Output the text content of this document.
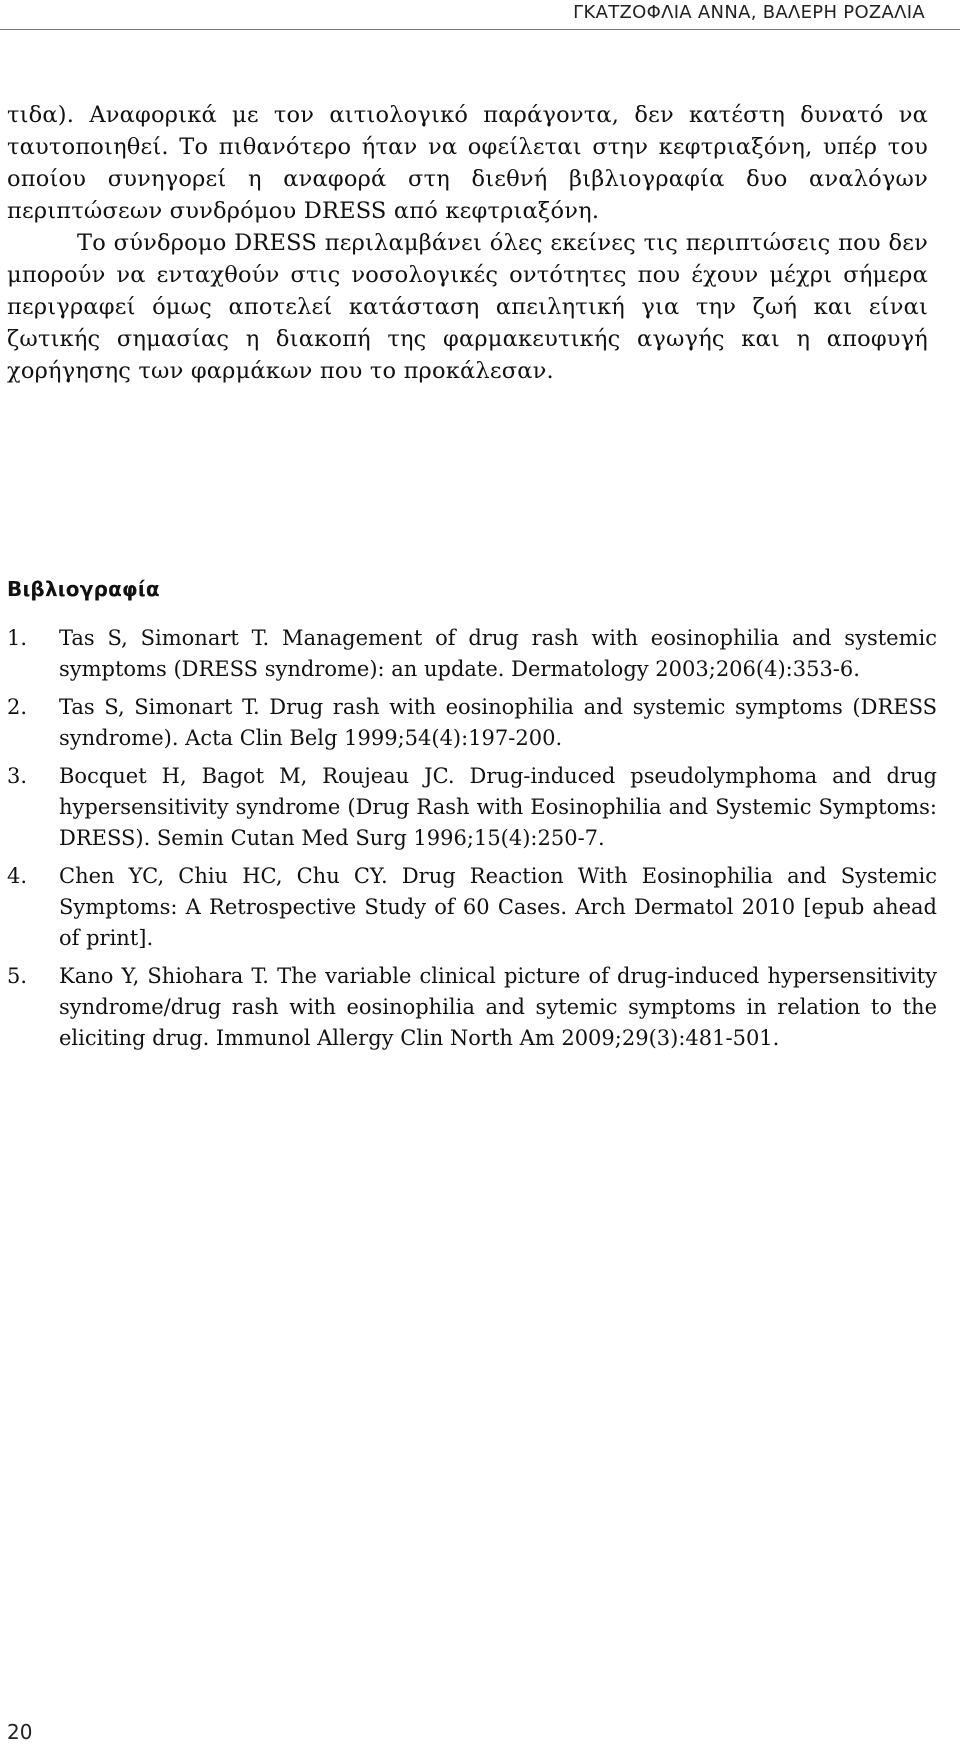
ΓΚΑΤΖΟΦΛΙΑ ΑΝΝΑ, ΒΑΛΕΡΗ ΡΟΖΑΛΙΑ

τιδα). Αναφορικά με τον αιτιολογικό παράγοντα, δεν κατέστη δυνατό να ταυτοποιηθεί. Το πιθανότερο ήταν να οφείλεται στην κεφτριαξόνη, υπέρ του οποίου συνηγορεί η αναφορά στη διεθνή βιβλιογραφία δυο αναλόγων περιπτώσεων συνδρόμου DRESS από κεφτριαξόνη.

Το σύνδρομο DRESS περιλαμβάνει όλες εκείνες τις περιπτώσεις που δεν μπορούν να ενταχθούν στις νοσολογικές οντότητες που έχουν μέχρι σήμερα περιγραφεί όμως αποτελεί κατάσταση απειλητική για την ζωή και είναι ζωτικής σημασίας η διακοπή της φαρμακευτικής αγωγής και η αποφυγή χορήγησης των φαρμάκων που το προκάλεσαν.

Βιβλιογραφία
1.	Tas S, Simonart T. Management of drug rash with eosinophilia and systemic symptoms (DRESS syndrome): an update. Dermatology 2003;206(4):353-6.
2.	Tas S, Simonart T. Drug rash with eosinophilia and systemic symptoms (DRESS syndrome). Acta Clin Belg 1999;54(4):197-200.
3.	Bocquet H, Bagot M, Roujeau JC. Drug-induced pseudolymphoma and drug hypersensitivity syndrome (Drug Rash with Eosinophilia and Systemic Symptoms: DRESS). Semin Cutan Med Surg 1996;15(4):250-7.
4.	Chen YC, Chiu HC, Chu CY. Drug Reaction With Eosinophilia and Systemic Symptoms: A Retrospective Study of 60 Cases. Arch Dermatol 2010 [epub ahead of print].
5.	Kano Y, Shiohara T. The variable clinical picture of drug-induced hypersensitivity syndrome/drug rash with eosinophilia and sytemic symptoms in relation to the eliciting drug. Immunol Allergy Clin North Am 2009;29(3):481-501.
20
